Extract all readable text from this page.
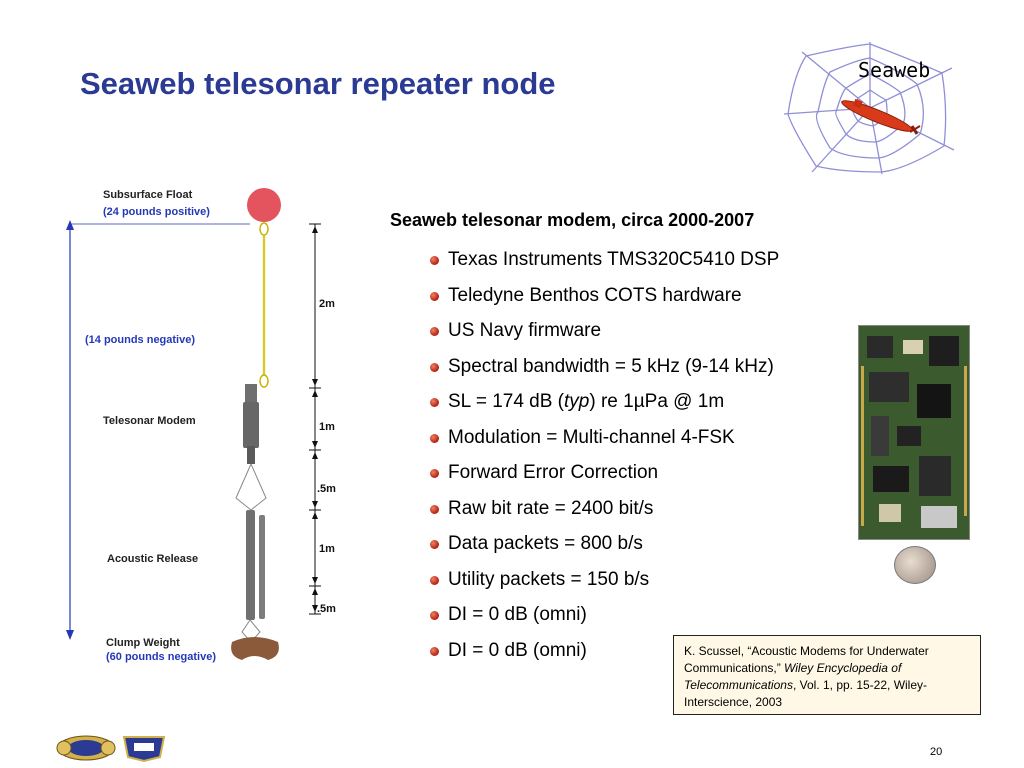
Seaweb telesonar repeater node	Seaweb
Subsurface Float
(24 pounds positive)
(14 pounds negative)
Telesonar Modem
Acoustic Release
Clump Weight
(60 pounds negative)
2m
1m
.5m
1m
.5m
Seaweb telesonar modem, circa 2000-2007
Texas Instruments TMS320C5410 DSP
Teledyne Benthos COTS hardware
US Navy firmware
Spectral bandwidth = 5 kHz (9-14 kHz)
SL = 174 dB (typ) re 1µPa @ 1m
Modulation = Multi-channel 4-FSK
Forward Error Correction
Raw bit rate = 2400 bit/s
Data packets = 800 b/s
Utility packets = 150 b/s
DI = 0 dB (omni)
DI = 0 dB (omni)	K. Scussel, “Acoustic Modems for Underwater Communications,” Wiley Encyclopedia of Telecommunications, Vol. 1, pp. 15-22, Wiley-Interscience, 2003
20
